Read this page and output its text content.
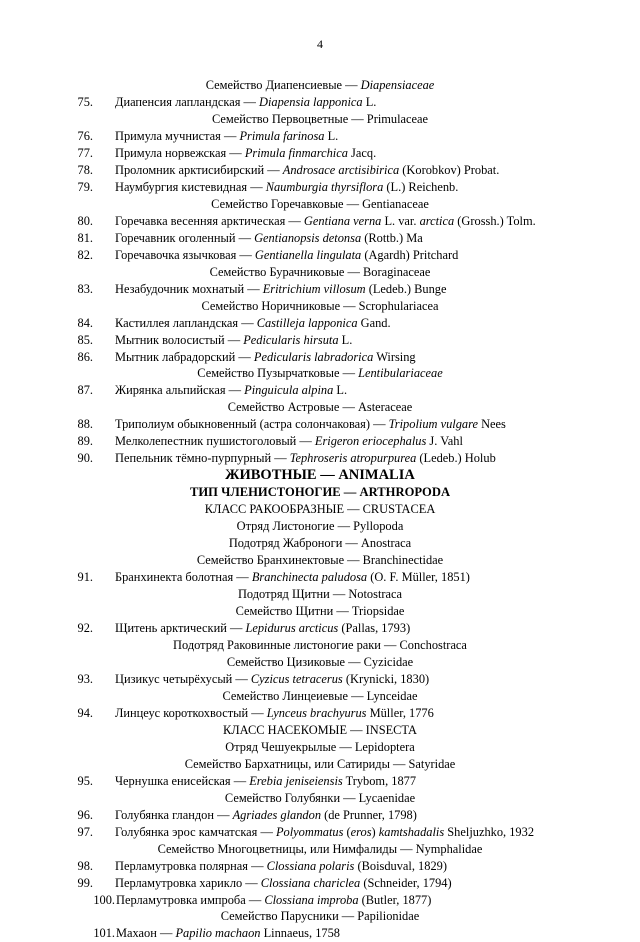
4
Семейство Диапенсиевые — Diapensiaceae
75. Диапенсия лапландская — Diapensia lapponica L.
Семейство Первоцветные — Primulaceae
76. Примула мучнистая — Primula farinosa L.
77. Примула норвежская — Primula finmarchica Jacq.
78. Проломник арктисибирский — Androsace arctisibirica (Korobkov) Probat.
79. Наумбургия кистевидная — Naumburgia thyrsiflora (L.) Reichenb.
Семейство Горечавковые — Gentianaceae
80. Горечавка весенняя арктическая — Gentiana verna L. var. arctica (Grossh.) Tolm.
81. Горечавник оголенный — Gentianopsis detonsa (Rottb.) Ma
82. Горечавочка язычковая — Gentianella lingulata (Agardh) Pritchard
Семейство Бурачниковые — Boraginaceae
83. Незабудочник мохнатый — Eritrichium villosum (Ledeb.) Bunge
Семейство Норичниковые — Scrophulariacea
84. Кастиллея лапландская — Castilleja lapponica Gand.
85. Мытник волосистый — Pedicularis hirsuta L.
86. Мытник лабрадорский — Pedicularis labradorica Wirsing
Семейство Пузырчатковые — Lentibulariaceae
87. Жирянка альпийская — Pinguicula alpina L.
Семейство Астровые — Asteraceae
88. Триполиум обыкновенный (астра солончаковая) — Tripolium vulgare Nees
89. Мелколепестник пушистоголовый — Erigeron eriocephalus J. Vahl
90. Пепельник тёмно-пурпурный — Tephroseris atropurpurea (Ledeb.) Holub
ЖИВОТНЫЕ — ANIMALIA
ТИП ЧЛЕНИСТОНОГИЕ — ARTHROPODA
КЛАСС РАКООБРАЗНЫЕ — CRUSTACEA
Отряд Листоногие — Pyllopoda
Подотряд Жаброноги — Anostraca
Семейство Бранхинектовые — Branchinectidae
91. Бранхинекта болотная — Branchinecta paludosa (O. F. Müller, 1851)
Подотряд Щитни — Notostraca
Семейство Щитни — Triopsidae
92. Щитень арктический — Lepidurus arcticus (Pallas, 1793)
Подотряд Раковинные листоногие раки — Conchostraca
Семейство Цизиковые — Cyzicidae
93. Цизикус четырёхусый — Cyzicus tetracerus (Krynicki, 1830)
Семейство Линцеиевые — Lynceidae
94. Линцеус короткохвостый — Lynceus brachyurus Müller, 1776
КЛАСС НАСЕКОМЫЕ — INSECTA
Отряд Чешуекрылые — Lepidoptera
Семейство Бархатницы, или Сатириды — Satyridae
95. Чернушка енисейская — Erebia jeniseiensis Trybom, 1877
Семейство Голубянки — Lycaenidae
96. Голубянка гландон — Agriades glandon (de Prunner, 1798)
97. Голубянка эрос камчатская — Polyommatus (eros) kamtshadalis Sheljuzhko, 1932
Семейство Многоцветницы, или Нимфалиды — Nymphalidae
98. Перламутровка полярная — Clossiana polaris (Boisduval, 1829)
99. Перламутровка харикло — Clossiana chariclea (Schneider, 1794)
100. Перламутровка импроба — Clossiana improba (Butler, 1877)
Семейство Парусники — Papilionidae
101. Махаон — Papilio machaon Linnaeus, 1758
